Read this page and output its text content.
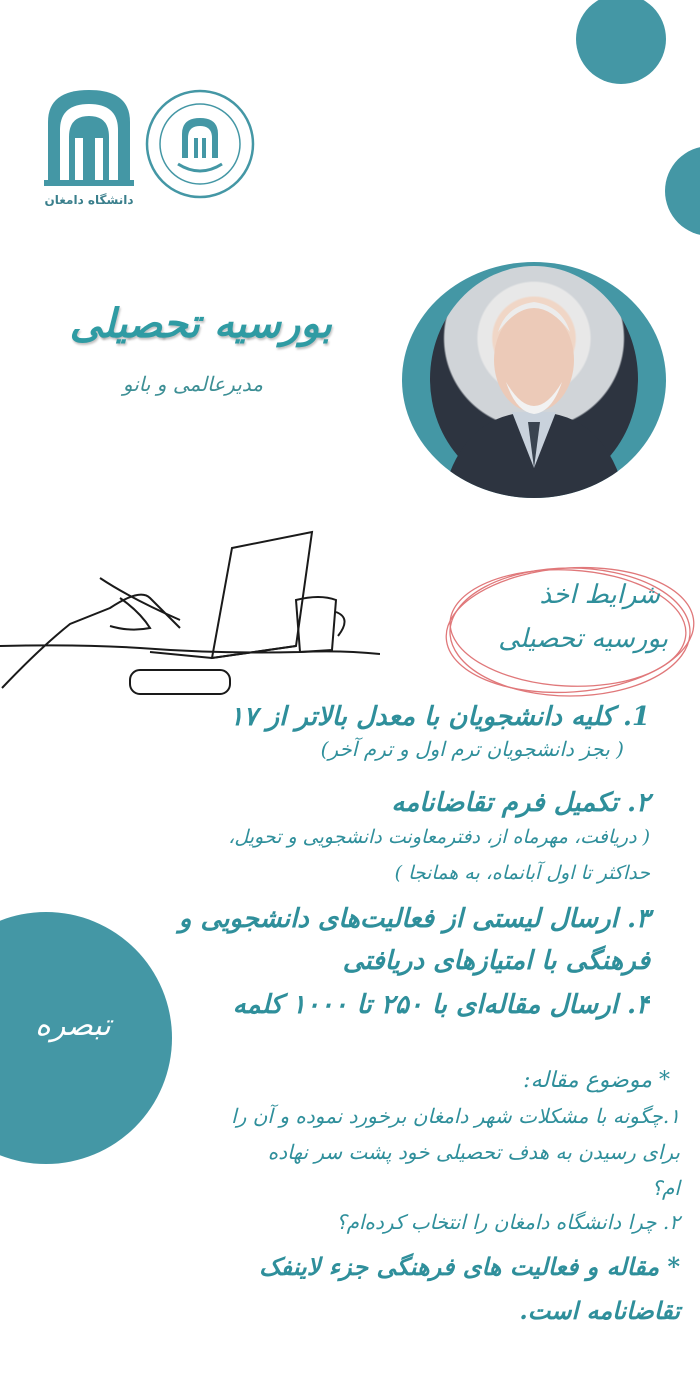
دانشگاه دامغان
بورسیه تحصیلی
مدیرعالمی و بانو
شرایط اخذ
بورسیه تحصیلی
1. کلیه دانشجویان با معدل بالاتر از ۱۷
( بجز دانشجویان ترم اول و ترم آخر)
۲. تکمیل فرم تقاضانامه
( دریافت، مهرماه از، دفترمعاونت دانشجویی و تحویل،
حداکثر تا اول آبانماه، به همانجا )
۳. ارسال لیستی از فعالیت‌های دانشجویی و
فرهنگی با امتیازهای دریافتی
تبصره
۴. ارسال مقاله‌ای با ۲۵۰ تا ۱۰۰۰ کلمه
* موضوع مقاله:
۱.چگونه با مشکلات شهر دامغان برخورد نموده و آن را
برای رسیدن به هدف تحصیلی خود پشت سر نهاده
ام؟
۲. چرا دانشگاه دامغان را انتخاب کرده‌ام؟
* مقاله و فعالیت های فرهنگی جزء لاینفک
تقاضانامه است.
